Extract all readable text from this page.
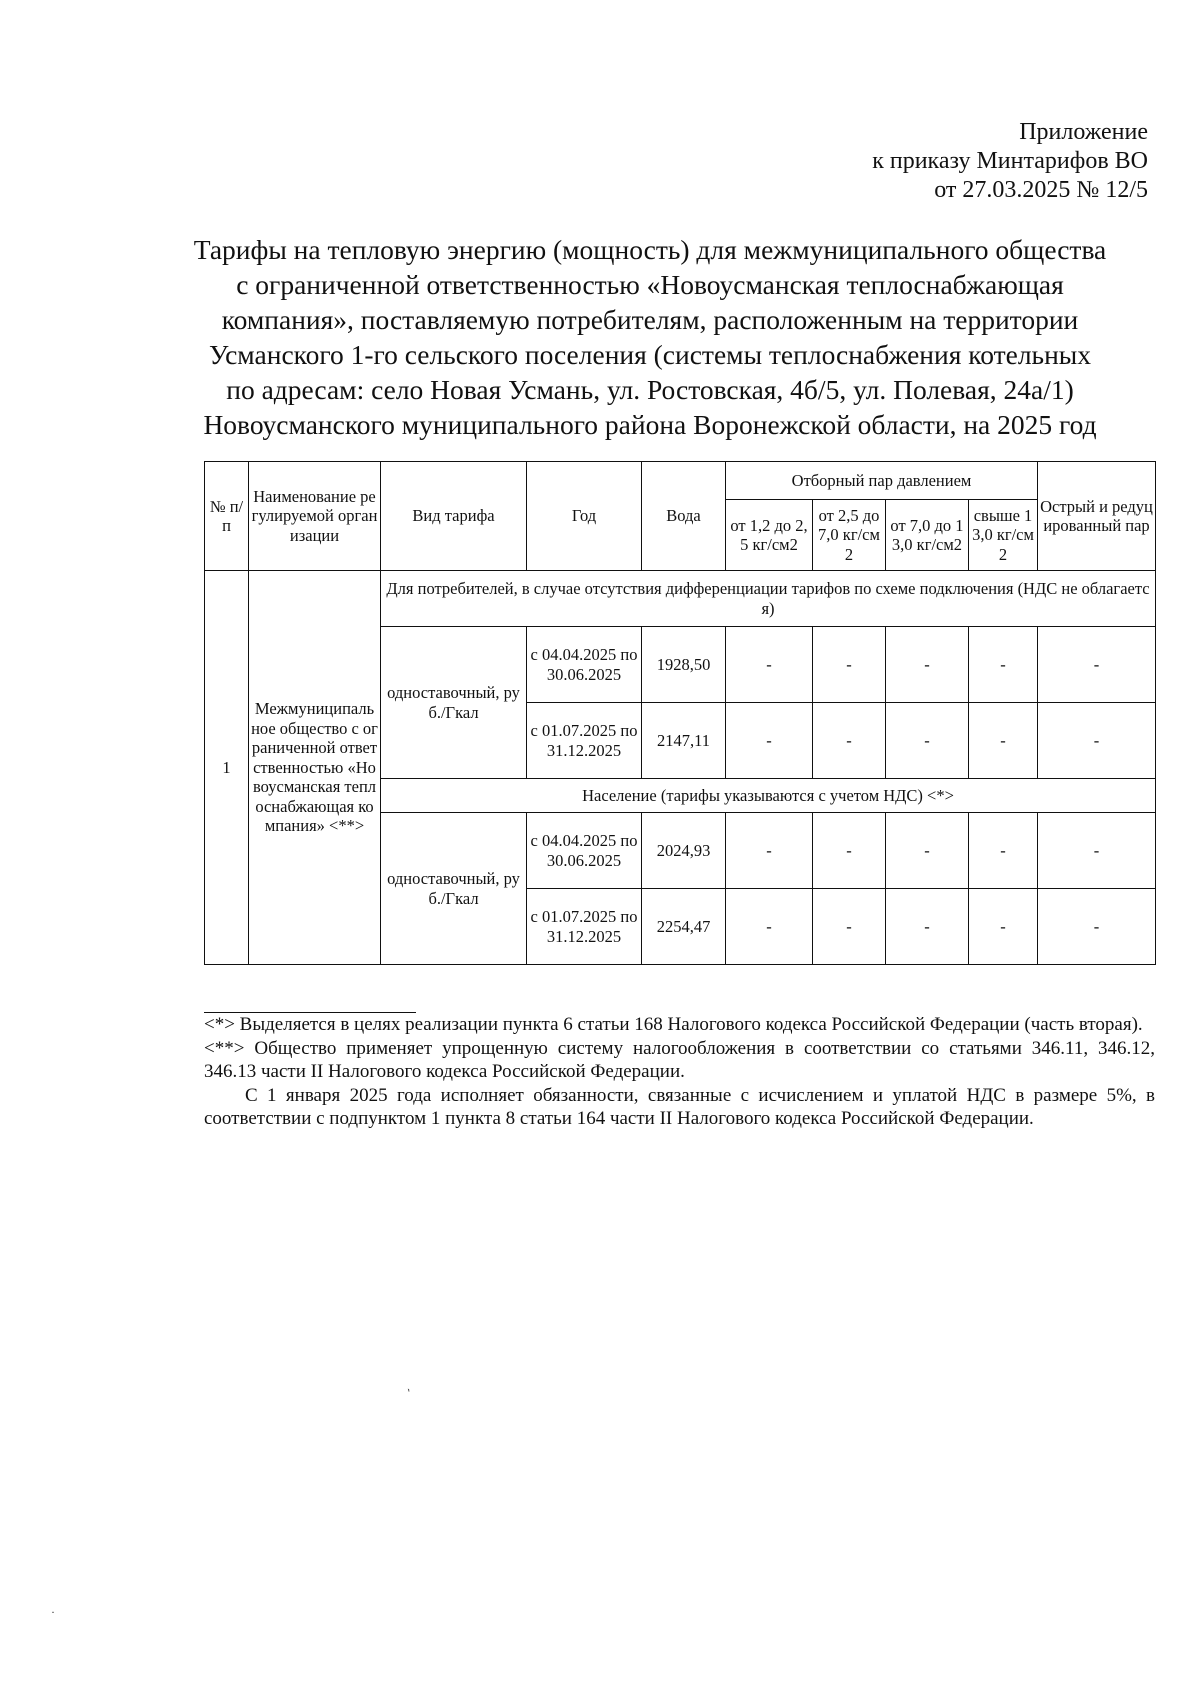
Приложение
к приказу Минтарифов ВО
от 27.03.2025 № 12/5
Тарифы на тепловую энергию (мощность) для межмуниципального общества
с ограниченной ответственностью «Новоусманская теплоснабжающая
компания», поставляемую потребителям, расположенным на территории
Усманского 1-го сельского поселения (системы теплоснабжения котельных
по адресам: село Новая Усмань, ул. Ростовская, 4б/5, ул. Полевая, 24а/1)
Новоусманского муниципального района Воронежской области, на 2025 год
№ п/п	Наименование регулируемой организации	Вид тарифа	Год	Вода	Отборный пар давлением				Острый и редуцированный пар
					от 1,2 до 2,5 кг/см2	от 2,5 до 7,0 кг/см2	от 7,0 до 13,0 кг/см2	свыше 13,0 кг/см2	
1	Межмуниципальное общество с ограниченной ответственностью «Новоусманская теплоснабжающая компания» <**>	Для потребителей, в случае отсутствия дифференциации тарифов по схеме подключения (НДС не облагается)							
		одноставочный, руб./Гкал	с 04.04.2025 по 30.06.2025	1928,50	-	-	-	-	-
			с 01.07.2025 по 31.12.2025	2147,11	-	-	-	-	-
		Население (тарифы указываются с учетом НДС) <*>							
		одноставочный, руб./Гкал	с 04.04.2025 по 30.06.2025	2024,93	-	-	-	-	-
			с 01.07.2025 по 31.12.2025	2254,47	-	-	-	-	-

<*> Выделяется в целях реализации пункта 6 статьи 168 Налогового кодекса Российской Федерации (часть вторая).

<**> Общество применяет упрощенную систему налогообложения в соответствии со статьями 346.11, 346.12, 346.13 части II Налогового кодекса Российской Федерации.

С 1 января 2025 года исполняет обязанности, связанные с исчислением и уплатой НДС в размере 5%, в соответствии с подпунктом 1 пункта 8 статьи 164 части II Налогового кодекса Российской Федерации.

`
·
